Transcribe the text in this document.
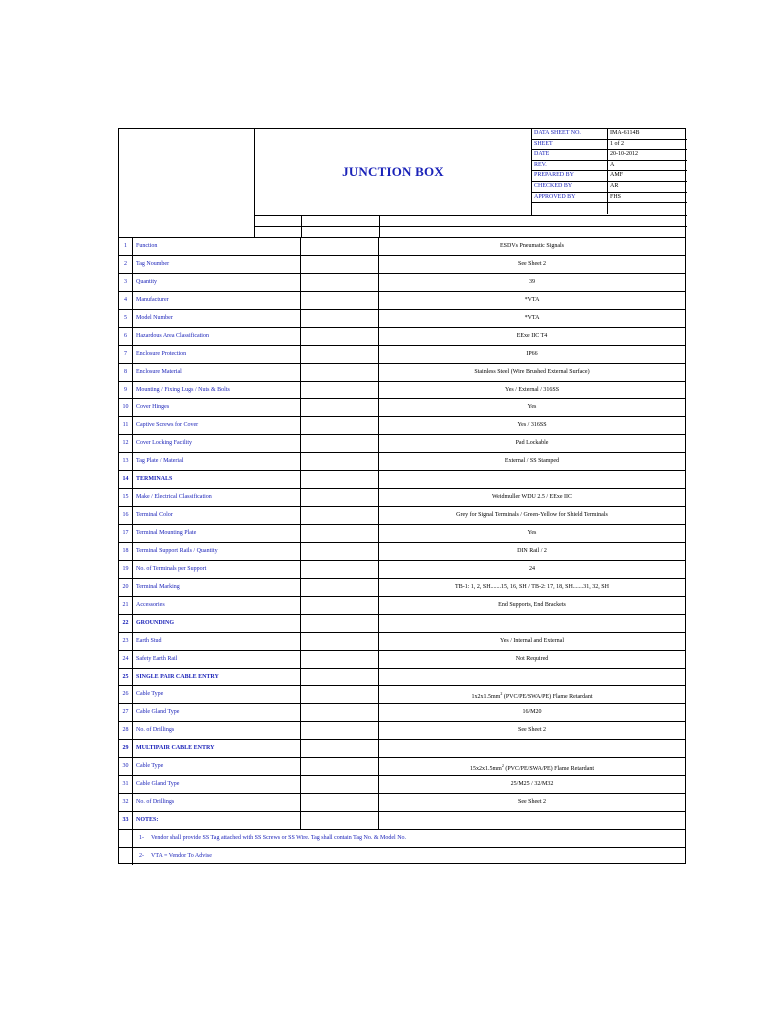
JUNCTION BOX
DATA SHEET NO.	IMA-6114B
SHEET	1 of 2
DATE	20-10-2012
REV.	A
PREPARED BY	AMF
CHECKED BY	AR
APPROVED BY	FHS
1	Function	ESDVs Pneumatic Signals
2	Tag Noumber	See Sheet 2
3	Quantity	39
4	Manufacturer	*VTA
5	Model Number	*VTA
6	Hazardous Area Classification	EExe IIC T4
7	Enclosure Protection	IP66
8	Enclosure Material	Stainless Steel (Wire Brushed External Surface)
9	Mounting / Fixing Lugs / Nuts & Bolts	Yes / External / 316SS
10	Cover Hinges	Yes
11	Captive Screws for Cover	Yes / 316SS
12	Cover Locking Facility	Pad Lockable
13	Tag Plate / Material	External / SS Stamped
14	TERMINALS
15	Make / Electrical Classification	Weidmuller WDU 2.5 / EExe IIC
16	Terminal Color	Grey for Signal Terminals / Green-Yellow for Shield Terminals
17	Terminal Mounting Plate	Yes
18	Terminal Support Rails / Quantity	DIN Rail / 2
19	No. of Terminals per Support	24
20	Terminal Marking	TB-1: 1, 2, SH.......15, 16, SH / TB-2: 17, 18, SH.......31, 32, SH
21	Accessories	End Supports, End Brackets
22	GROUNDING
23	Earth Stud	Yes / Internal and External
24	Safety Earth Rail	Not Required
25	SINGLE PAIR CABLE ENTRY
26	Cable Type	$1x2x1.5mm^2$ (PVC/PE/SWA/PE) Flame Retardant
27	Cable Gland Type	16/M20
28	No. of Drillings	See Sheet 2
29	MULTIPAIR CABLE ENTRY
30	Cable Type	$15x2x1.5mm^2$ (PVC/PE/SWA/PE) Flame Retardant
31	Cable Gland Type	25/M25 / 32/M32
32	No. of Drillings	See Sheet 2
33	NOTES:
1- Vendor shall provide SS Tag attached with SS Screws or SS Wire. Tag shall contain Tag No. & Model No.
2- VTA = Vendor To Advise
